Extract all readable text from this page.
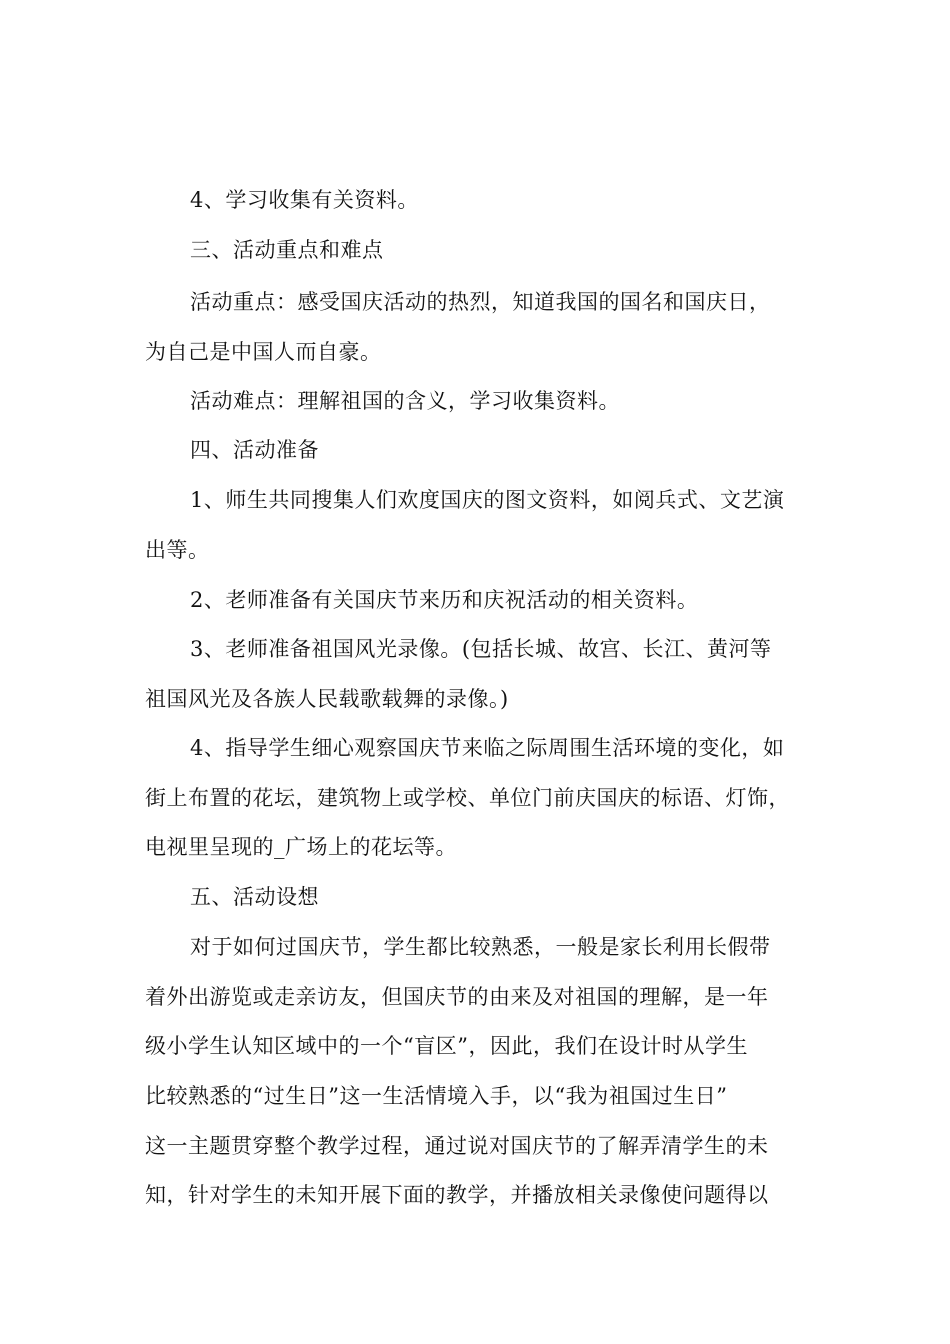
4、学习收集有关资料。
三、活动重点和难点
活动重点：感受国庆活动的热烈，知道我国的国名和国庆日，
为自己是中国人而自豪。
活动难点：理解祖国的含义，学习收集资料。
四、活动准备
1、师生共同搜集人们欢度国庆的图文资料，如阅兵式、文艺演
出等。
2、老师准备有关国庆节来历和庆祝活动的相关资料。
3、老师准备祖国风光录像。(包括长城、故宫、长江、黄河等
祖国风光及各族人民载歌载舞的录像。)
4、指导学生细心观察国庆节来临之际周围生活环境的变化，如
街上布置的花坛，建筑物上或学校、单位门前庆国庆的标语、灯饰，
电视里呈现的_广场上的花坛等。
五、活动设想
对于如何过国庆节，学生都比较熟悉，一般是家长利用长假带
着外出游览或走亲访友，但国庆节的由来及对祖国的理解，是一年
级小学生认知区域中的一个“盲区”，因此，我们在设计时从学生
比较熟悉的“过生日”这一生活情境入手，以“我为祖国过生日”
这一主题贯穿整个教学过程，通过说对国庆节的了解弄清学生的未
知，针对学生的未知开展下面的教学，并播放相关录像使问题得以
